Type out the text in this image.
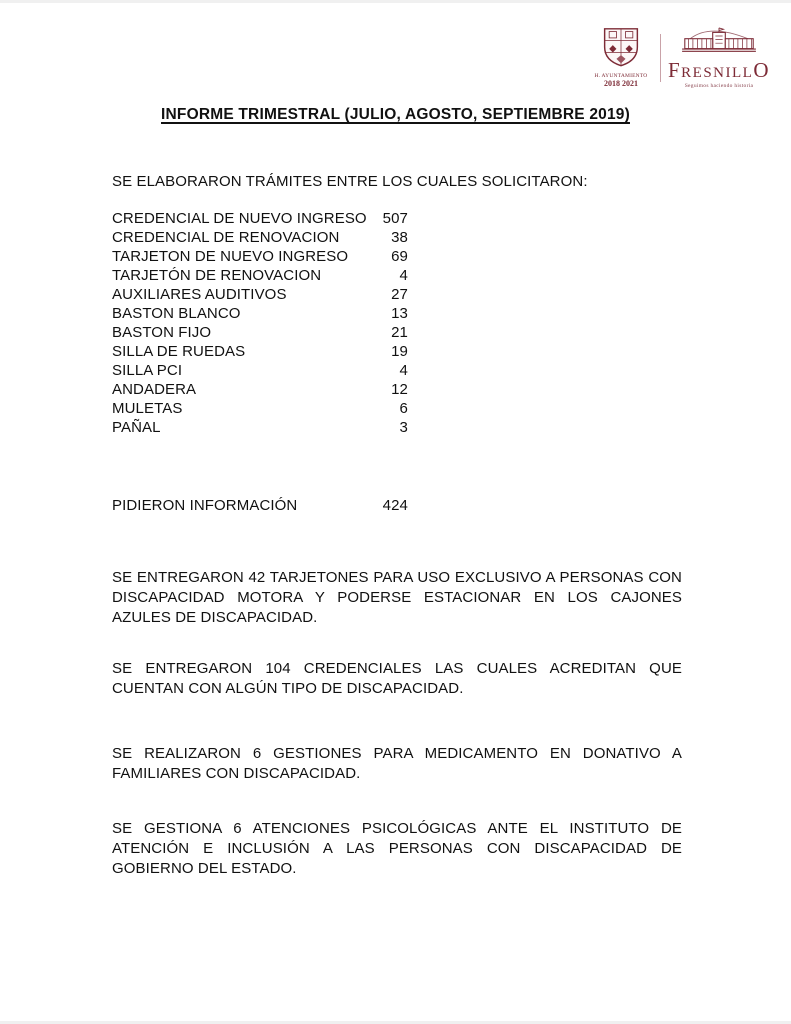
H. AYUNTAMIENTO
2018 2021
F RESNILL O
Seguimos haciendo historia
INFORME TRIMESTRAL (JULIO, AGOSTO, SEPTIEMBRE 2019)
SE ELABORARON TRÁMITES ENTRE LOS CUALES SOLICITARON:
CREDENCIAL DE NUEVO INGRESO 507
CREDENCIAL DE RENOVACION	38
TARJETON DE NUEVO INGRESO	69
TARJETÓN DE RENOVACION	4
AUXILIARES AUDITIVOS	27
BASTON BLANCO	13
BASTON FIJO	21
SILLA DE RUEDAS	19
SILLA PCI	4
ANDADERA	12
MULETAS	6
PAÑAL	3
PIDIERON INFORMACIÓN	424
SE ENTREGARON 42 TARJETONES PARA USO EXCLUSIVO A PERSONAS CON DISCAPACIDAD MOTORA Y PODERSE ESTACIONAR EN LOS CAJONES AZULES DE DISCAPACIDAD.
SE ENTREGARON 104 CREDENCIALES LAS CUALES ACREDITAN QUE CUENTAN CON ALGÚN TIPO DE DISCAPACIDAD.
SE REALIZARON 6 GESTIONES PARA MEDICAMENTO EN DONATIVO A FAMILIARES CON DISCAPACIDAD.
SE GESTIONA 6 ATENCIONES PSICOLÓGICAS ANTE EL INSTITUTO DE ATENCIÓN E INCLUSIÓN A LAS PERSONAS CON DISCAPACIDAD DE GOBIERNO DEL ESTADO.
